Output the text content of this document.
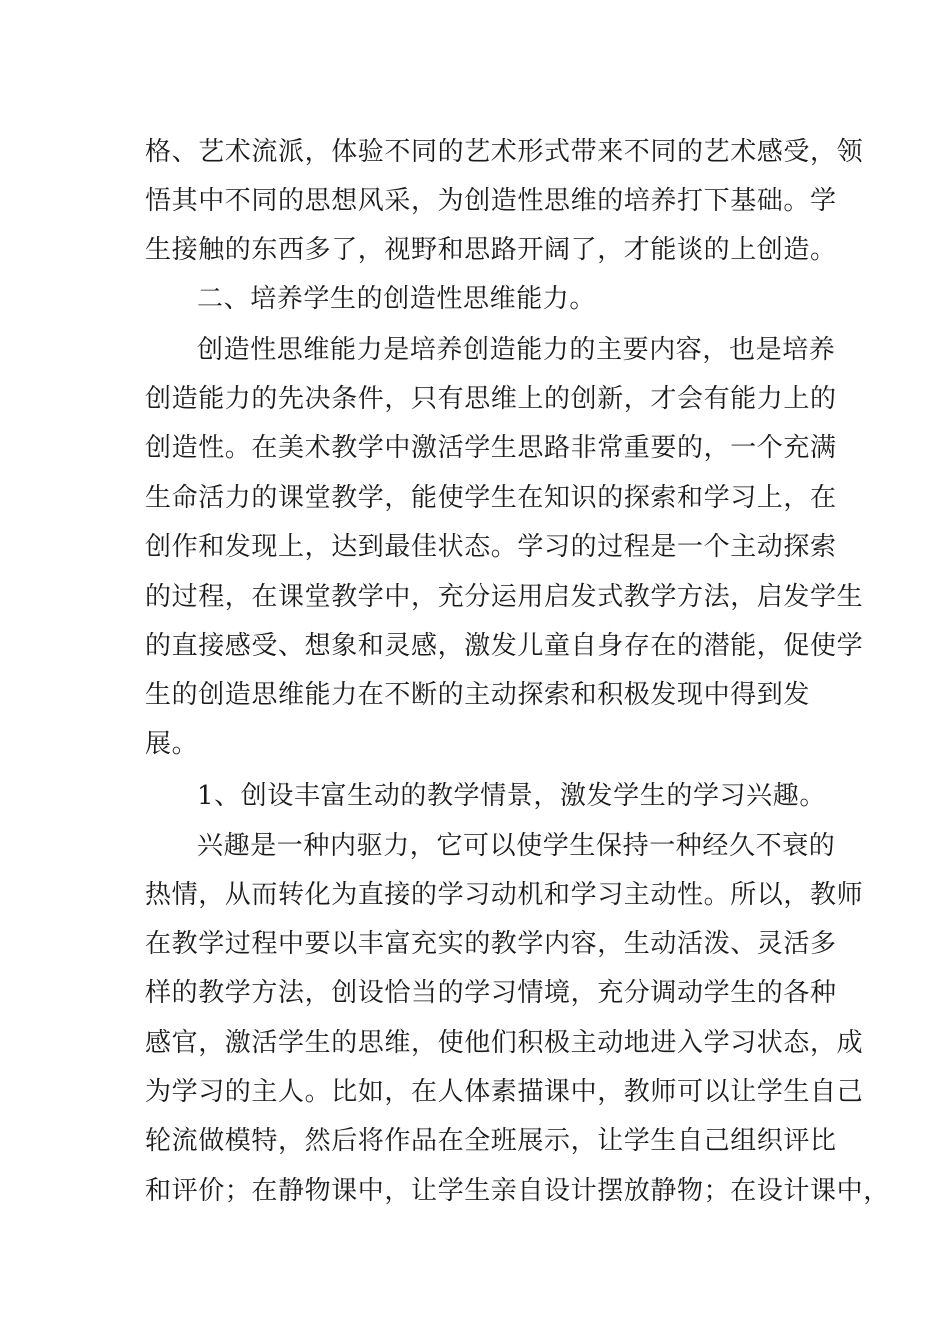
格、艺术流派，体验不同的艺术形式带来不同的艺术感受，领
悟其中不同的思想风采，为创造性思维的培养打下基础。学
生接触的东西多了，视野和思路开阔了，才能谈的上创造。
二、培养学生的创造性思维能力。
创造性思维能力是培养创造能力的主要内容，也是培养
创造能力的先决条件，只有思维上的创新，才会有能力上的
创造性。在美术教学中激活学生思路非常重要的，一个充满
生命活力的课堂教学，能使学生在知识的探索和学习上，在
创作和发现上，达到最佳状态。学习的过程是一个主动探索
的过程，在课堂教学中，充分运用启发式教学方法，启发学生
的直接感受、想象和灵感，激发儿童自身存在的潜能，促使学
生的创造思维能力在不断的主动探索和积极发现中得到发
展。
1、创设丰富生动的教学情景，激发学生的学习兴趣。
兴趣是一种内驱力，它可以使学生保持一种经久不衰的
热情，从而转化为直接的学习动机和学习主动性。所以，教师
在教学过程中要以丰富充实的教学内容，生动活泼、灵活多
样的教学方法，创设恰当的学习情境，充分调动学生的各种
感官，激活学生的思维，使他们积极主动地进入学习状态，成
为学习的主人。比如，在人体素描课中，教师可以让学生自己
轮流做模特，然后将作品在全班展示，让学生自己组织评比
和评价；在静物课中，让学生亲自设计摆放静物；在设计课中，
